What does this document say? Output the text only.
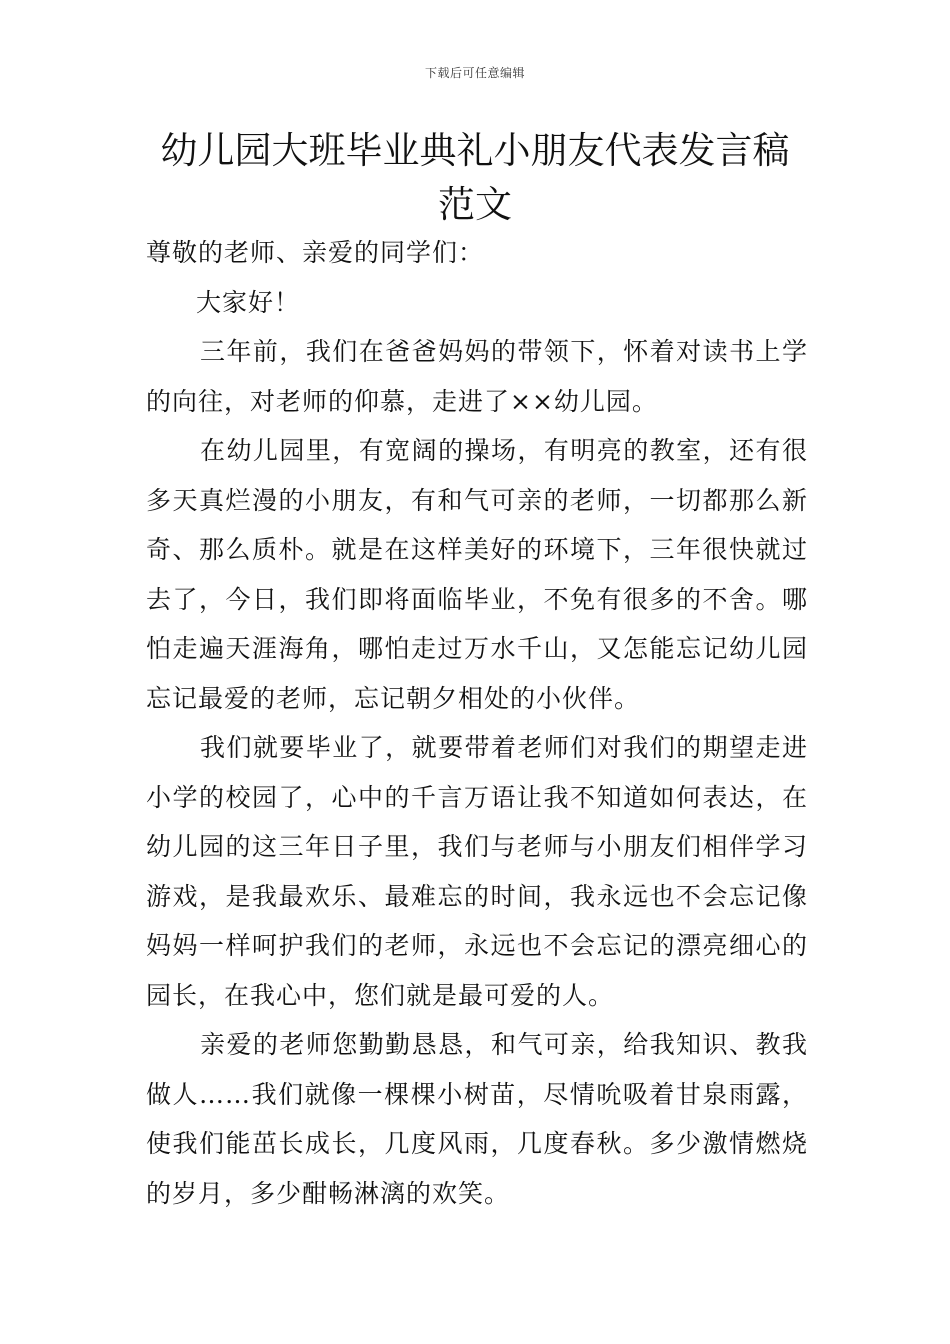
下载后可任意编辑
幼儿园大班毕业典礼小朋友代表发言稿范文

尊敬的老师、亲爱的同学们：

大家好！

三年前，我们在爸爸妈妈的带领下，怀着对读书上学的向往，对老师的仰慕，走进了××幼儿园。

在幼儿园里，有宽阔的操场，有明亮的教室，还有很多天真烂漫的小朋友，有和气可亲的老师，一切都那么新奇、那么质朴。就是在这样美好的环境下，三年很快就过去了，今日，我们即将面临毕业，不免有很多的不舍。哪怕走遍天涯海角，哪怕走过万水千山，又怎能忘记幼儿园忘记最爱的老师，忘记朝夕相处的小伙伴。

我们就要毕业了，就要带着老师们对我们的期望走进小学的校园了，心中的千言万语让我不知道如何表达，在幼儿园的这三年日子里，我们与老师与小朋友们相伴学习游戏，是我最欢乐、最难忘的时间，我永远也不会忘记像妈妈一样呵护我们的老师，永远也不会忘记的漂亮细心的园长，在我心中，您们就是最可爱的人。

亲爱的老师您勤勤恳恳，和气可亲，给我知识、教我做人……我们就像一棵棵小树苗，尽情吮吸着甘泉雨露，使我们能茁长成长，几度风雨，几度春秋。多少激情燃烧的岁月，多少酣畅淋漓的欢笑。
